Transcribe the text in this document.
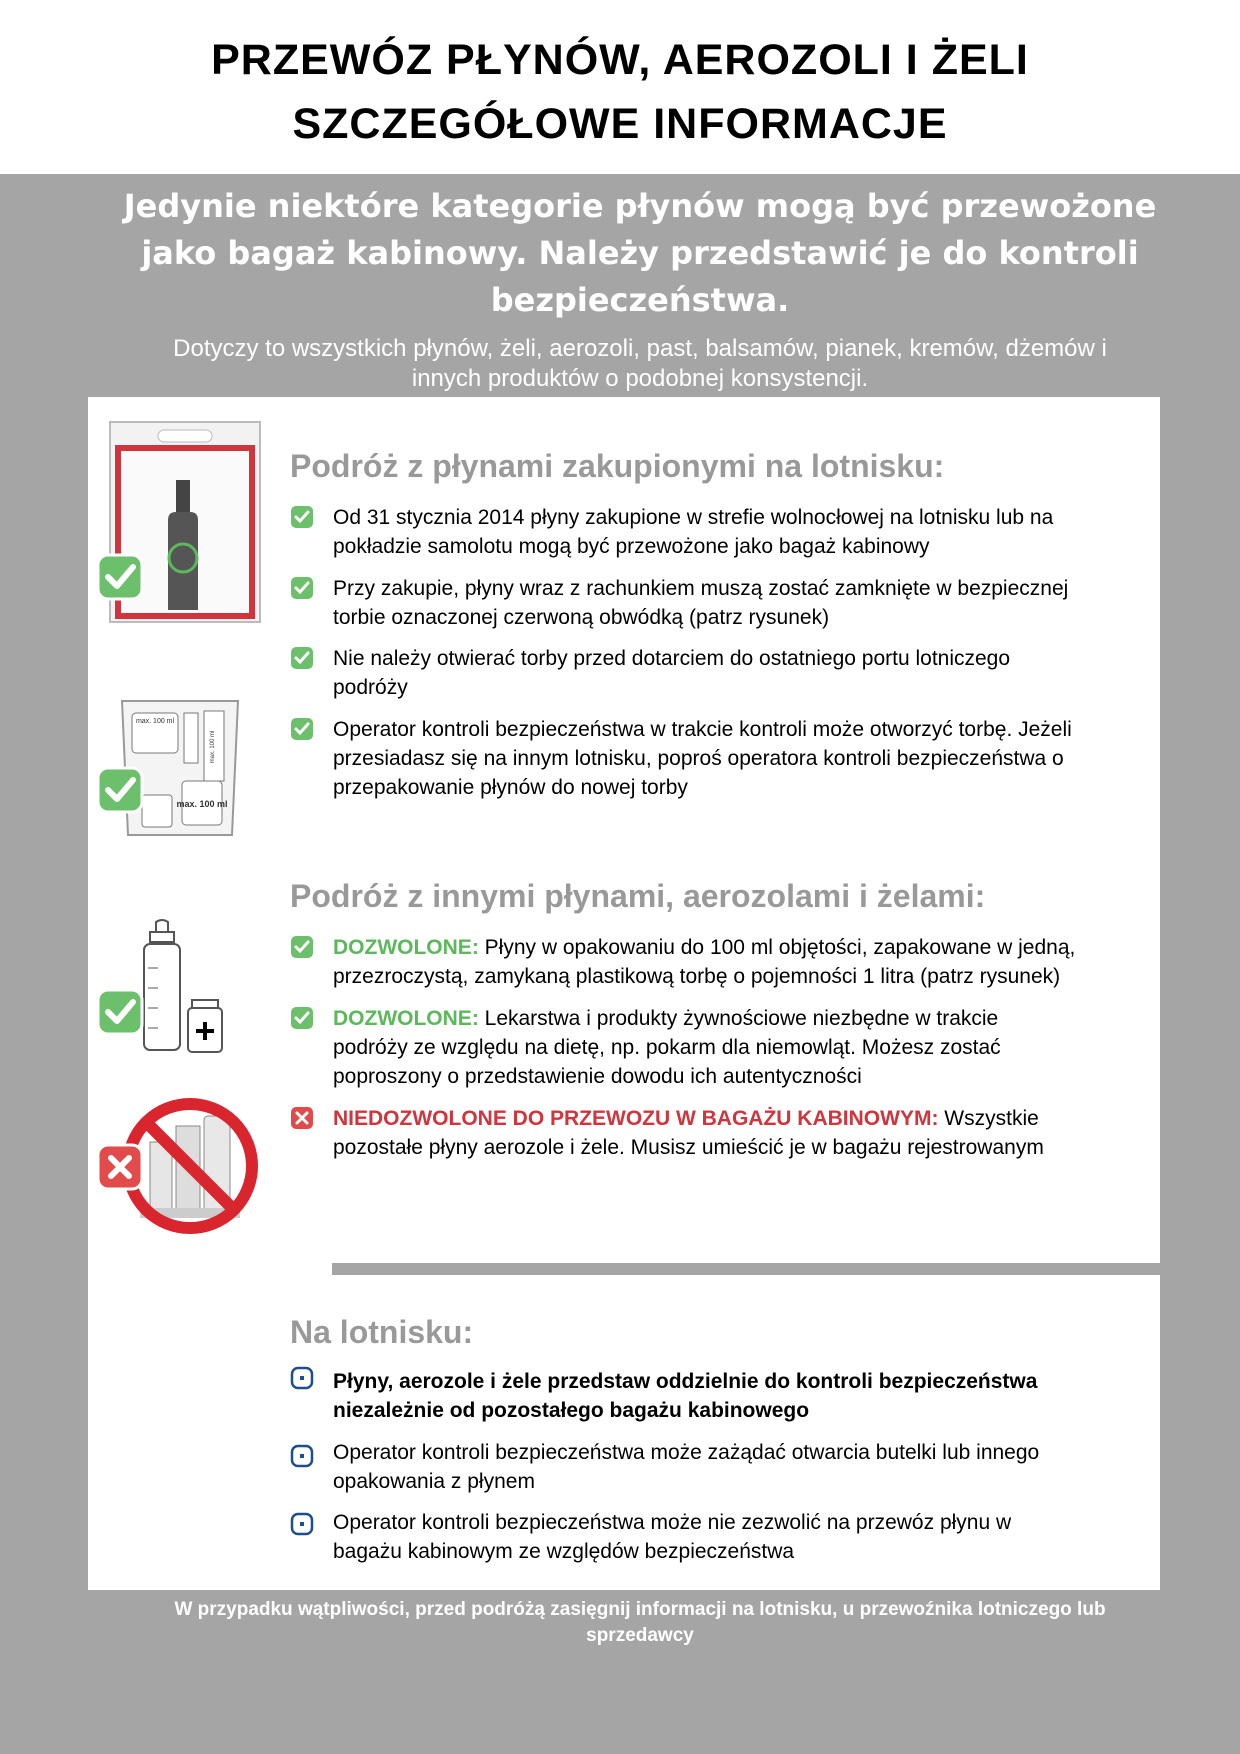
PRZEWÓZ PŁYNÓW, AEROZOLI I ŻELI
SZCZEGÓŁOWE INFORMACJE
Jedynie niektóre kategorie płynów mogą być przewożone
jako bagaż kabinowy. Należy przedstawić je do kontroli
bezpieczeństwa.
Dotyczy to wszystkich płynów, żeli, aerozoli, past, balsamów, pianek, kremów, dżemów i
innych produktów o podobnej konsystencji.
max. 100 ml
max. 100 ml
max. 100 ml
Podróż z płynami zakupionymi na lotnisku:
Od 31 stycznia 2014 płyny zakupione w strefie wolnocłowej na lotnisku lub na
pokładzie samolotu mogą być przewożone jako bagaż kabinowy
Przy zakupie, płyny wraz z rachunkiem muszą zostać zamknięte w bezpiecznej
torbie oznaczonej czerwoną obwódką (patrz rysunek)
Nie należy otwierać torby przed dotarciem do ostatniego portu lotniczego
podróży
Operator kontroli bezpieczeństwa w trakcie kontroli może otworzyć torbę. Jeżeli
przesiadasz się na innym lotnisku, poproś operatora kontroli bezpieczeństwa o
przepakowanie płynów do nowej torby
Podróż z innymi płynami, aerozolami i żelami:
DOZWOLONE: Płyny w opakowaniu do 100 ml objętości, zapakowane w jedną,
przezroczystą, zamykaną plastikową torbę o pojemności 1 litra (patrz rysunek)
DOZWOLONE: Lekarstwa i produkty żywnościowe niezbędne w trakcie
podróży ze względu na dietę, np. pokarm dla niemowląt. Możesz zostać
poproszony o przedstawienie dowodu ich autentyczności
NIEDOZWOLONE DO PRZEWOZU W BAGAŻU KABINOWYM: Wszystkie
pozostałe płyny aerozole i żele. Musisz umieścić je w bagażu rejestrowanym
Na lotnisku:
Płyny, aerozole i żele przedstaw oddzielnie do kontroli bezpieczeństwa
niezależnie od pozostałego bagażu kabinowego
Operator kontroli bezpieczeństwa może zażądać otwarcia butelki lub innego
opakowania z płynem
Operator kontroli bezpieczeństwa może nie zezwolić na przewóz płynu w
bagażu kabinowym ze względów bezpieczeństwa
W przypadku wątpliwości, przed podróżą zasięgnij informacji na lotnisku, u przewoźnika lotniczego lub
sprzedawcy
